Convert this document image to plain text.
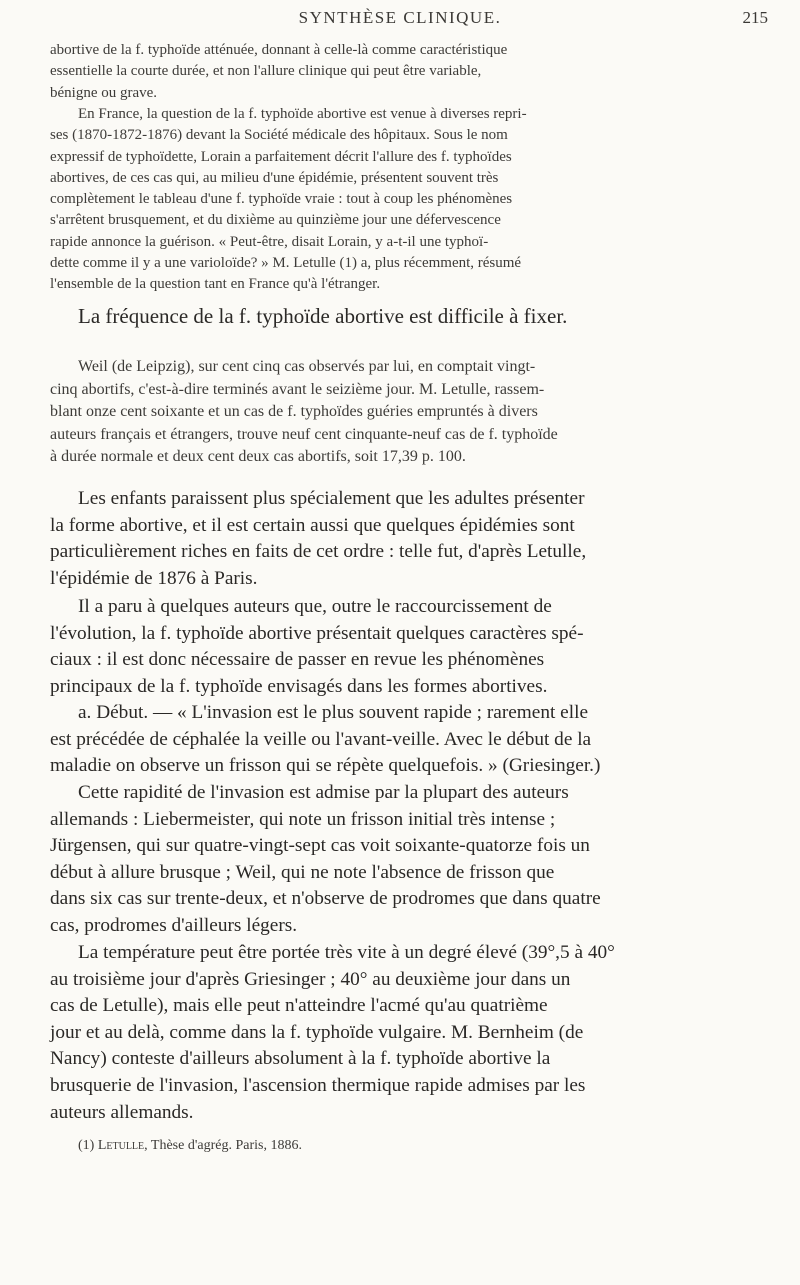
SYNTHÈSE CLINIQUE.	215
abortive de la f. typhoïde atténuée, donnant à celle-là comme caractéristique
essentielle la courte durée, et non l'allure clinique qui peut être variable,
bénigne ou grave.
En France, la question de la f. typhoïde abortive est venue à diverses repri-
ses (1870-1872-1876) devant la Société médicale des hôpitaux. Sous le nom
expressif de typhoïdette, Lorain a parfaitement décrit l'allure des f. typhoïdes
abortives, de ces cas qui, au milieu d'une épidémie, présentent souvent très
complètement le tableau d'une f. typhoïde vraie : tout à coup les phénomènes
s'arrêtent brusquement, et du dixième au quinzième jour une défervescence
rapide annonce la guérison. « Peut-être, disait Lorain, y a-t-il une typhoï-
dette comme il y a une varioloïde? » M. Letulle (1) a, plus récemment, résumé
l'ensemble de la question tant en France qu'à l'étranger.
La fréquence de la f. typhoïde abortive est difficile à fixer.
Weil (de Leipzig), sur cent cinq cas observés par lui, en comptait vingt-
cinq abortifs, c'est-à-dire terminés avant le seizième jour. M. Letulle, rassem-
blant onze cent soixante et un cas de f. typhoïdes guéries empruntés à divers
auteurs français et étrangers, trouve neuf cent cinquante-neuf cas de f. typhoïde
à durée normale et deux cent deux cas abortifs, soit 17,39 p. 100.
Les enfants paraissent plus spécialement que les adultes présenter
la forme abortive, et il est certain aussi que quelques épidémies sont
particulièrement riches en faits de cet ordre : telle fut, d'après Letulle,
l'épidémie de 1876 à Paris.
Il a paru à quelques auteurs que, outre le raccourcissement de
l'évolution, la f. typhoïde abortive présentait quelques caractères spé-
ciaux : il est donc nécessaire de passer en revue les phénomènes
principaux de la f. typhoïde envisagés dans les formes abortives.
a. Début. — « L'invasion est le plus souvent rapide ; rarement elle
est précédée de céphalée la veille ou l'avant-veille. Avec le début de la
maladie on observe un frisson qui se répète quelquefois. » (Griesinger.)
Cette rapidité de l'invasion est admise par la plupart des auteurs
allemands : Liebermeister, qui note un frisson initial très intense ;
Jürgensen, qui sur quatre-vingt-sept cas voit soixante-quatorze fois un
début à allure brusque ; Weil, qui ne note l'absence de frisson que
dans six cas sur trente-deux, et n'observe de prodromes que dans quatre
cas, prodromes d'ailleurs légers.
La température peut être portée très vite à un degré élevé (39°,5 à 40°
au troisième jour d'après Griesinger ; 40° au deuxième jour dans un
cas de Letulle), mais elle peut n'atteindre l'acmé qu'au quatrième
jour et au delà, comme dans la f. typhoïde vulgaire. M. Bernheim (de
Nancy) conteste d'ailleurs absolument à la f. typhoïde abortive la
brusquerie de l'invasion, l'ascension thermique rapide admises par les
auteurs allemands.
(1) Letulle, Thèse d'agrég. Paris, 1886.
